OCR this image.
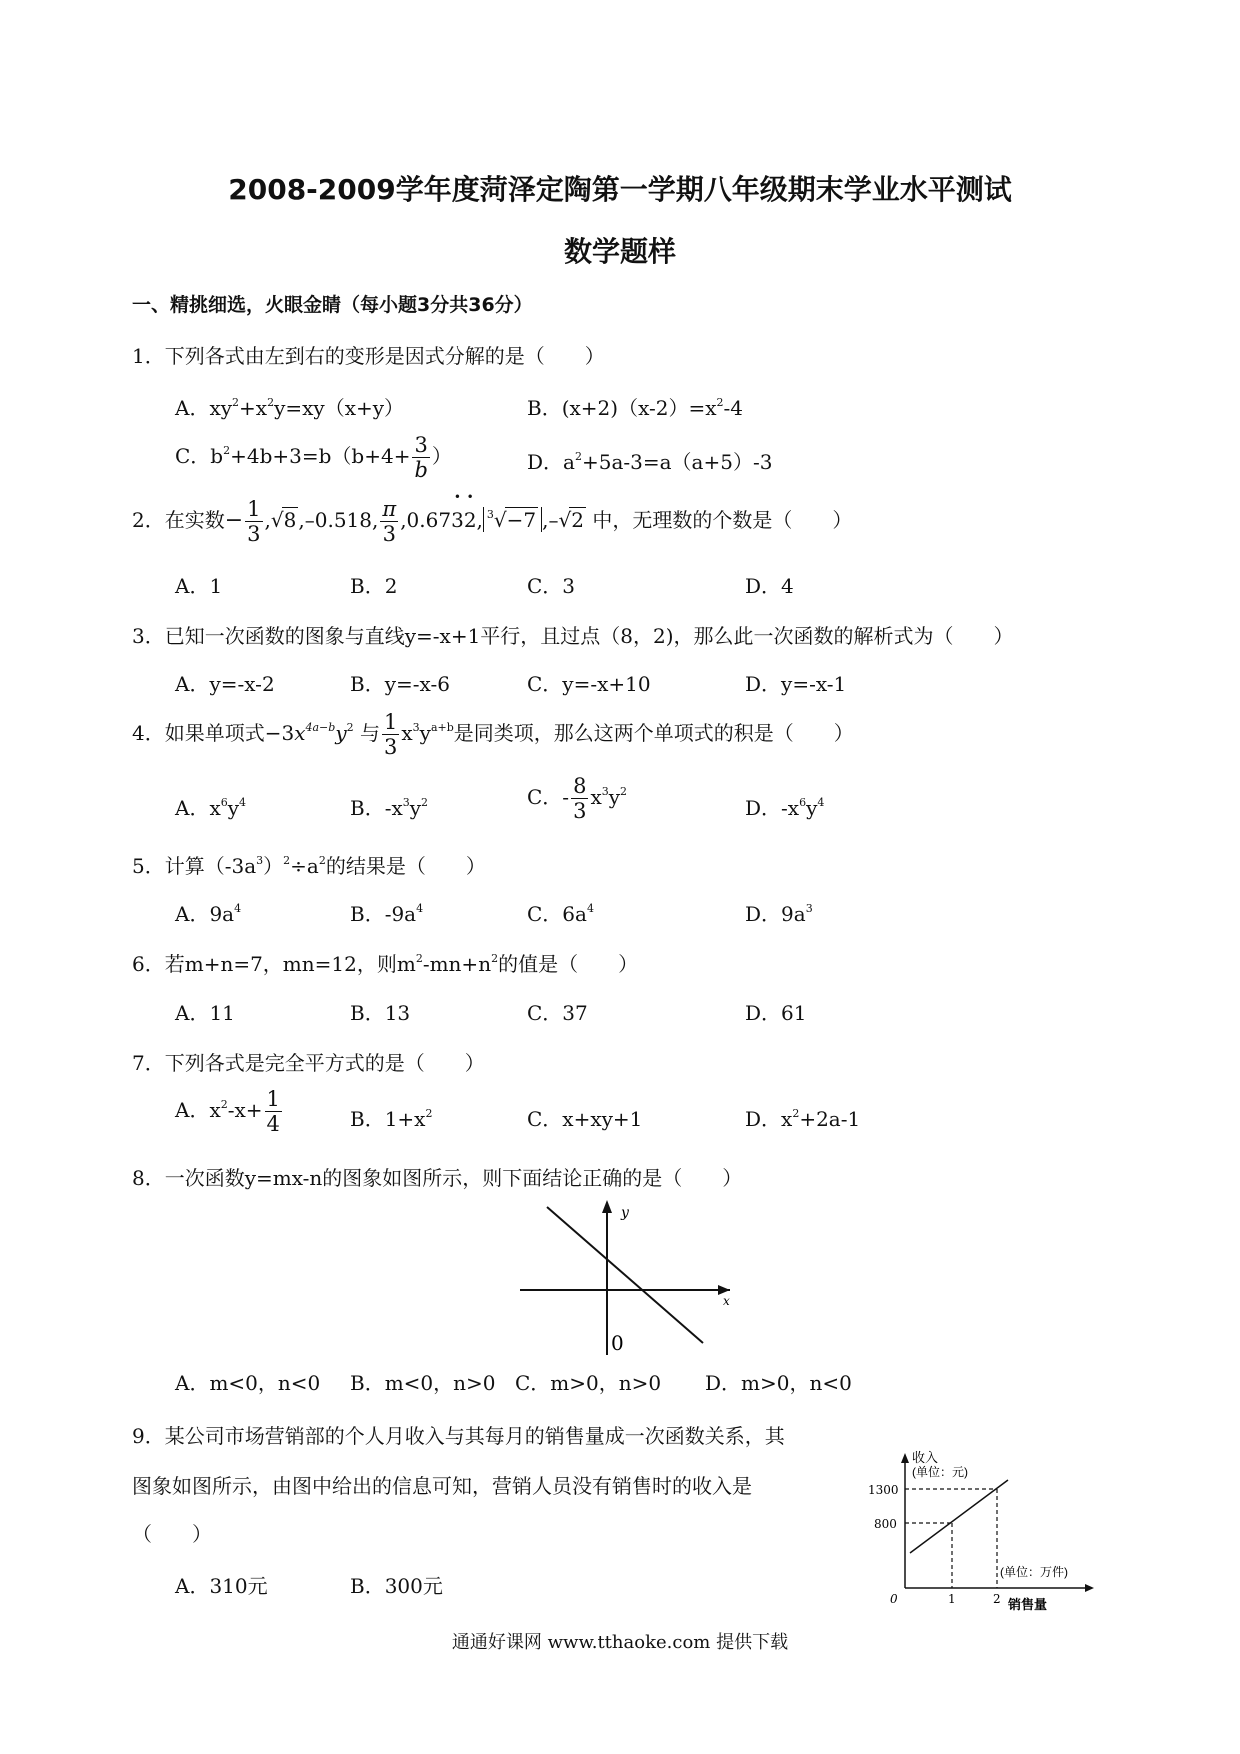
2008-2009学年度菏泽定陶第一学期八年级期末学业水平测试
数学题样
一、精挑细选，火眼金睛（每小题3分共36分）
1．下列各式由左到右的变形是因式分解的是（　　）
A．$xy^2+x^2y=xy(x+y)$	B．$(x+2)(x-2)=x^2-4$
C．$b^2+4b+3=b(b+4+ \frac{3}{b}$ ）	D．$a^2+5a-3=a(a+5)-3$
2．在实数− $\frac{1}{3} ,√8$ ,–0.518, $\frac{\pi}{3}$ ,0.67• 3• 2, $^3$√−7 ,–√2 中，无理数的个数是（　　）
A．1	B．2	C．3	D．4
3．已知一次函数的图象与直线y=-x+1平行，且过点（8，2)，那么此一次函数的解析式为（　　）
A．y=-x-2	B．y=-x-6	C．y=-x+10	D．y=-x-1
4．如果单项式$-3x^{4a-b}y^2$ 与 $\frac{1}{3} x^3y^{a+b}$是同类项，那么这两个单项式的积是（　　）
A．$x^6y^4$	B．$-x^3y^2$	C．- $\frac{8}{3} x^3y^2$
D．$-x^6y^4$
5．计算$(-3a^3)^2\div a^2$的结果是（　　）
A．$9a^4$	B．$-9a^4$	C．$6a^4$	D．$9a^3$
6．若m+n=7，mn=12，则$m^2-mn+n^2$的值是（　　）
A．11	B．13	C．37	D．61
7．下列各式是完全平方式的是（　　）
A．$x^2-x+ \frac{1}{4}$	B．$1+x^2$	C．x+xy+1	D．$x^2+2a-1$
8．一次函数y=mx-n的图象如图所示，则下面结论正确的是（　　）
y
x
0
A．m<0，n<0 B．m<0，n>0 C．m>0，n>0 D．m>0，n<0
9．某公司市场营销部的个人月收入与其每月的销售量成一次函数关系，其
图象如图所示，由图中给出的信息可知，营销人员没有销售时的收入是
（　　）
A．310元	B．300元
收入
(单位：元)
1300
800
0	1	2
(单位：万件)
销售量
通通好课网 www.tthaoke.com 提供下载
